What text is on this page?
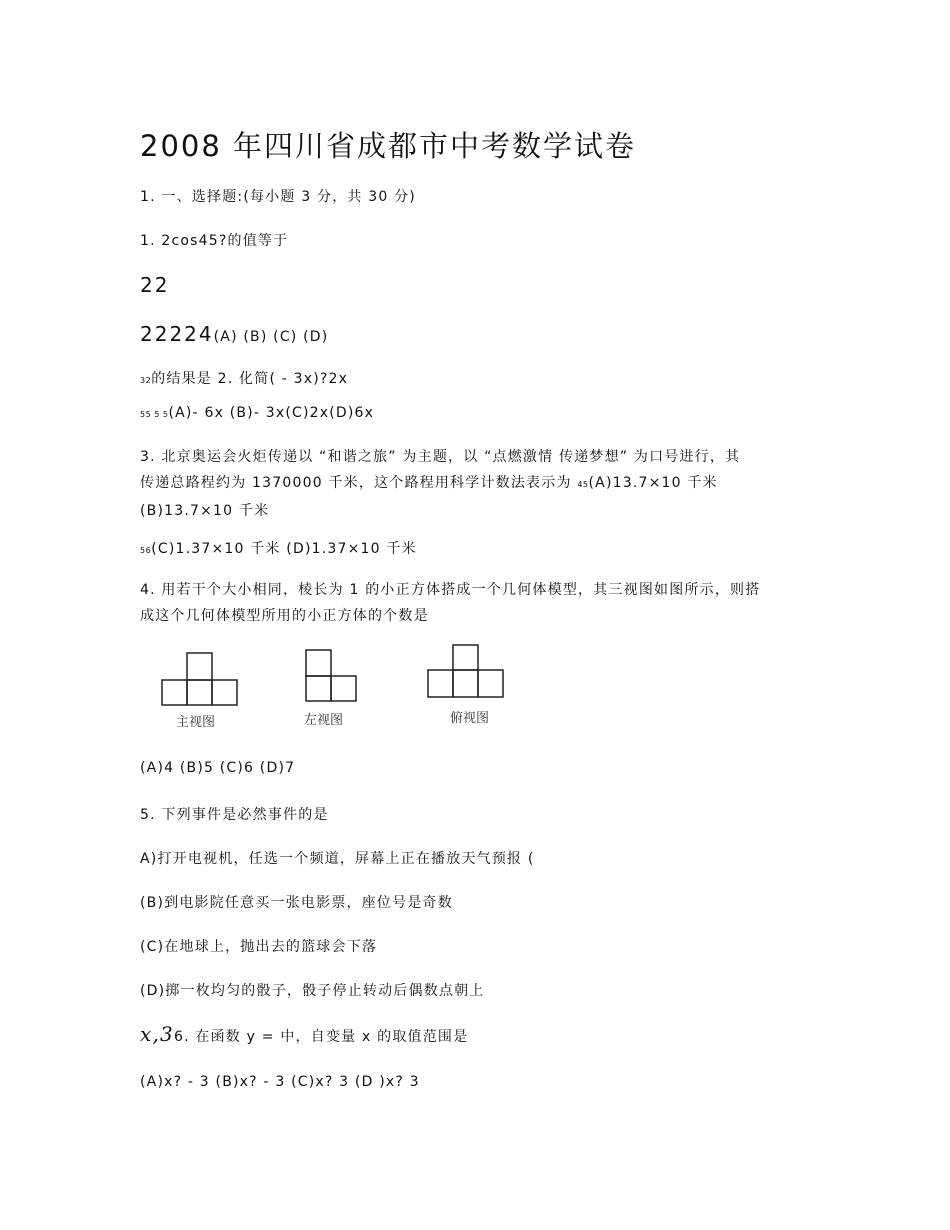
2008 年四川省成都市中考数学试卷
1. 一、选择题:(每小题 3 分，共 30 分)
1. 2cos45?的值等于
22
22224(A) (B) (C) (D)
32的结果是 2. 化简( - 3x)?2x
55 5 5(A)- 6x (B)- 3x(C)2x(D)6x
3. 北京奥运会火炬传递以 “和谐之旅” 为主题，以 “点燃激情 传递梦想” 为口号进行，其
传递总路程约为 1370000 千米，这个路程用科学计数法表示为 45(A)13.7×10 千米
(B)13.7×10 千米
56(C)1.37×10 千米 (D)1.37×10 千米
4. 用若干个大小相同，棱长为 1 的小正方体搭成一个几何体模型，其三视图如图所示，则搭
成这个几何体模型所用的小正方体的个数是
主视图	左视图	俯视图
(A)4 (B)5 (C)6 (D)7
5. 下列事件是必然事件的是
A)打开电视机，任选一个频道，屏幕上正在播放天气预报 (
(B)到电影院任意买一张电影票，座位号是奇数
(C)在地球上，抛出去的篮球会下落
(D)掷一枚均匀的骰子，骰子停止转动后偶数点朝上
x,36. 在函数 y = 中，自变量 x 的取值范围是
(A)x? - 3 (B)x? - 3 (C)x? 3 (D )x? 3
